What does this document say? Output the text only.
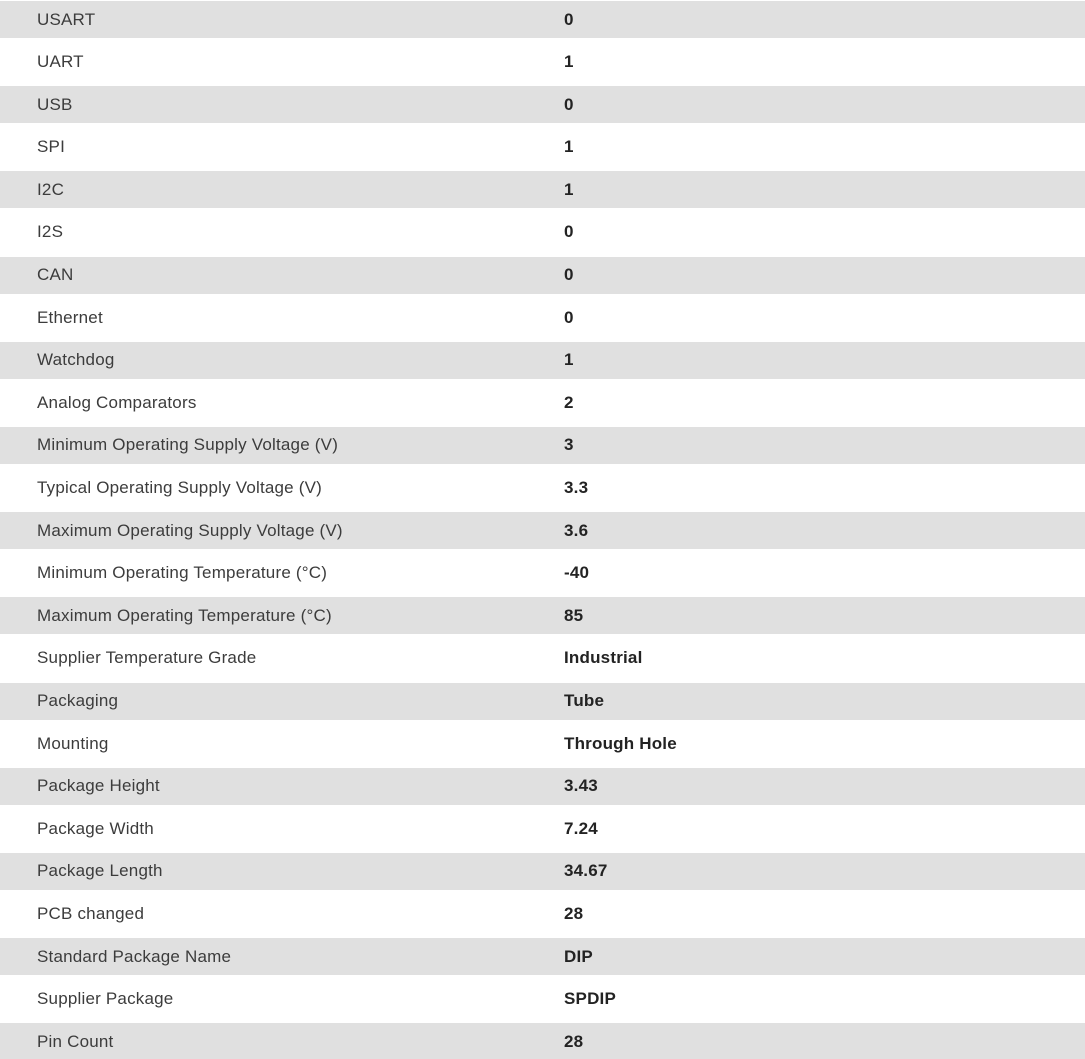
USART	0
UART	1
USB	0
SPI	1
I2C	1
I2S	0
CAN	0
Ethernet	0
Watchdog	1
Analog Comparators	2
Minimum Operating Supply Voltage (V)	3
Typical Operating Supply Voltage (V)	3.3
Maximum Operating Supply Voltage (V)	3.6
Minimum Operating Temperature (°C)	-40
Maximum Operating Temperature (°C)	85
Supplier Temperature Grade	Industrial
Packaging	Tube
Mounting	Through Hole
Package Height	3.43
Package Width	7.24
Package Length	34.67
PCB changed	28
Standard Package Name	DIP
Supplier Package	SPDIP
Pin Count	28
